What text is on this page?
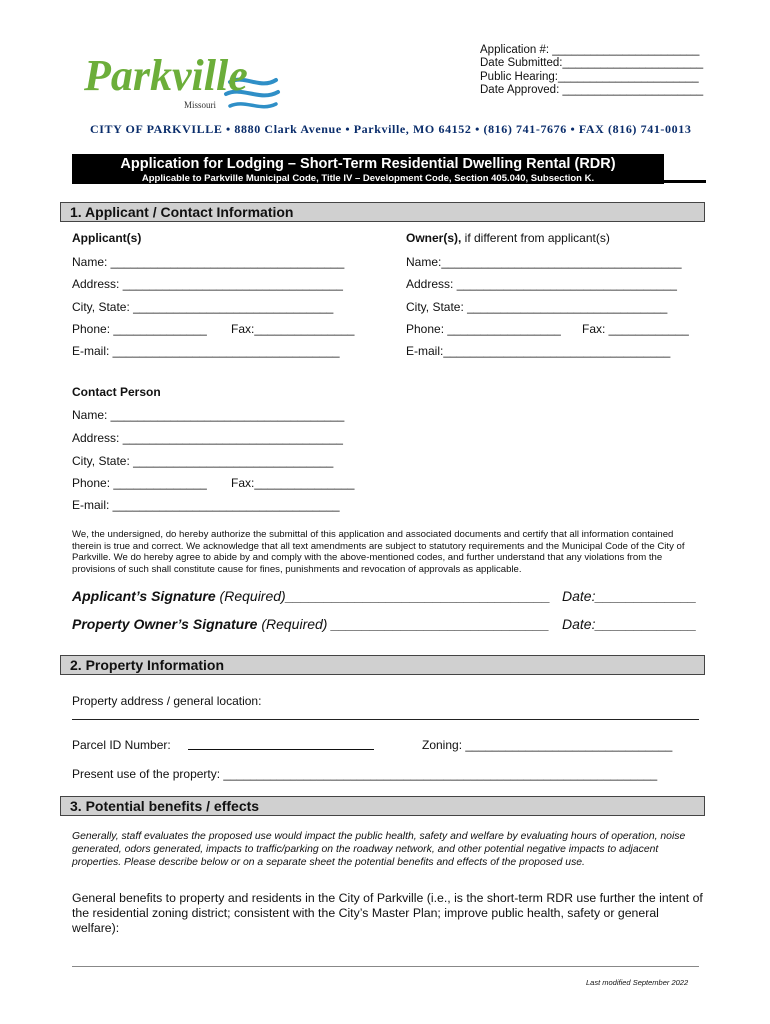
Parkville
Missouri
Application #: _______________________
Date Submitted:______________________
Public Hearing:______________________
Date Approved: ______________________
CITY OF PARKVILLE • 8880 Clark Avenue • Parkville, MO 64152 • (816) 741-7676 • FAX (816) 741-0013
Application for Lodging – Short-Term Residential Dwelling Rental (RDR)
Applicable to Parkville Municipal Code, Title IV – Development Code, Section 405.040, Subsection K.
1. Applicant / Contact Information
Applicant(s)	Owner(s), if different from applicant(s)
Name: ___________________________________
Address: _________________________________
City, State: ______________________________
Phone: ______________ Fax:_______________
E-mail: __________________________________
Name:____________________________________
Address: _________________________________
City, State: ______________________________
Phone: _________________ Fax: ____________
E-mail:__________________________________
Contact Person
Name: ___________________________________
Address: _________________________________
City, State: ______________________________
Phone: ______________ Fax:_______________
E-mail: __________________________________
We, the undersigned, do hereby authorize the submittal of this application and associated documents and certify that all information contained therein is true and correct. We acknowledge that all text amendments are subject to statutory requirements and the Municipal Code of the City of Parkville. We do hereby agree to abide by and comply with the above-mentioned codes, and further understand that any violations from the provisions of such shall constitute cause for fines, punishments and revocation of approvals as applicable.
Applicant’s Signature (Required)__________________________________ Date:_____________
Property Owner’s Signature (Required) ____________________________ Date:_____________
2. Property Information
Property address / general location:
Parcel ID Number:	Zoning: _______________________________
Present use of the property: _________________________________________________________________
3. Potential benefits / effects
Generally, staff evaluates the proposed use would impact the public health, safety and welfare by evaluating hours of operation, noise generated, odors generated, impacts to traffic/parking on the roadway network, and other potential negative impacts to adjacent properties. Please describe below or on a separate sheet the potential benefits and effects of the proposed use.
General benefits to property and residents in the City of Parkville (i.e., is the short-term RDR use further the intent of the residential zoning district; consistent with the City’s Master Plan; improve public health, safety or general welfare):
Last modified September 2022
